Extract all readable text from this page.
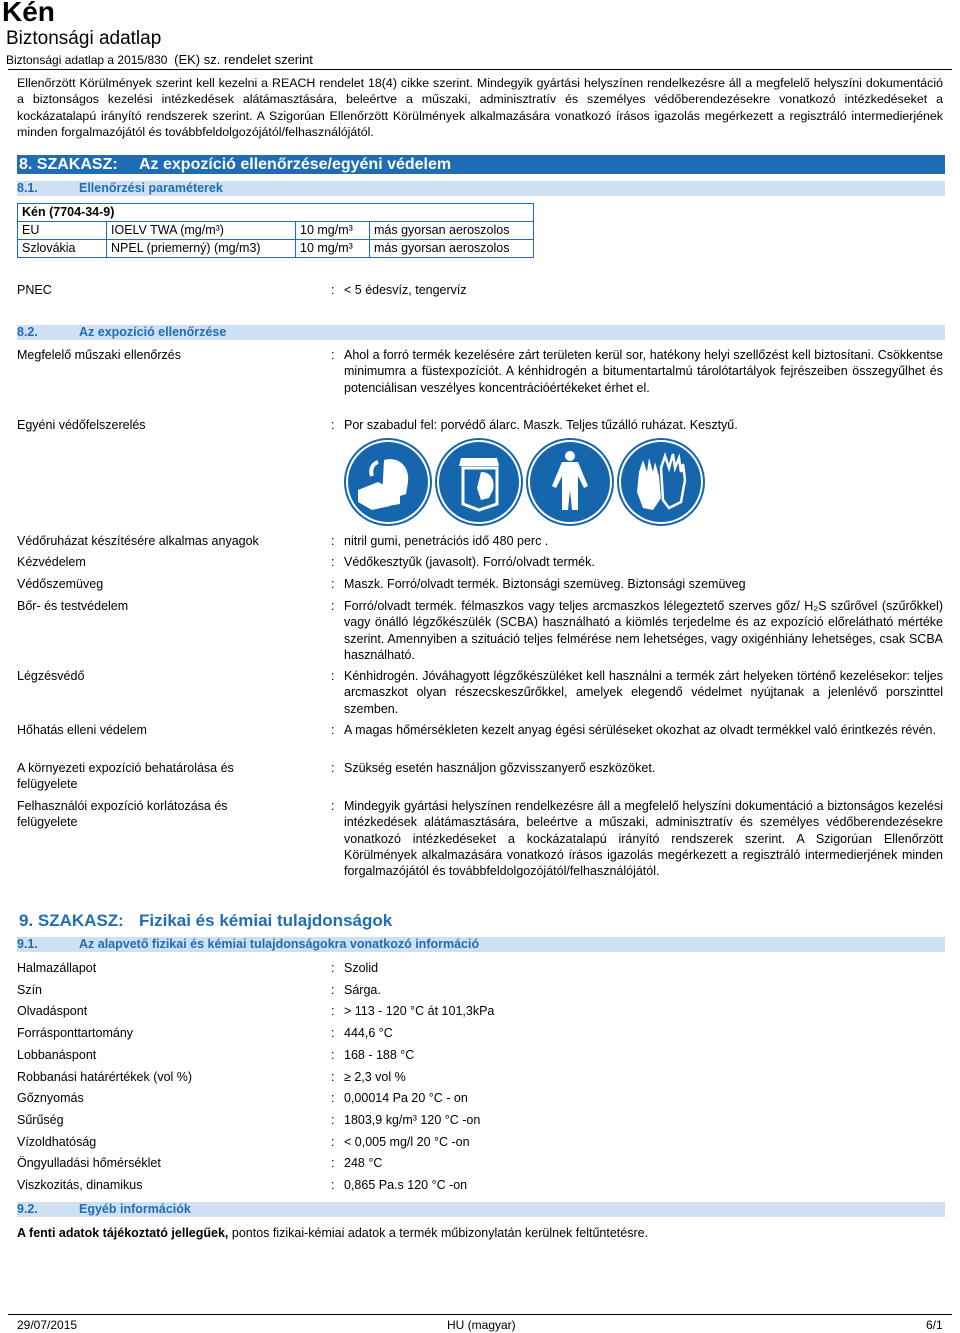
Kén
Biztonsági adatlap
Biztonsági adatlap a 2015/830 (EK) sz. rendelet szerint
Ellenőrzött Körülmények szerint kell kezelni a REACH rendelet 18(4) cikke szerint. Mindegyik gyártási helyszínen rendelkezésre áll a megfelelő helyszíni dokumentáció a biztonságos kezelési intézkedések alátámasztására, beleértve a műszaki, adminisztratív és személyes védőberendezésekre vonatkozó intézkedéseket a kockázatalapú irányító rendszerek szerint. A Szigorúan Ellenőrzött Körülmények alkalmazására vonatkozó írásos igazolás megérkezett a regisztráló intermedierjének minden forgalmazójától és továbbfeldolgozójától/felhasználójától.
8. SZAKASZ: Az expozíció ellenőrzése/egyéni védelem
8.1.	Ellenőrzési paraméterek
Kén (7704-34-9)			
EU	IOELV TWA (mg/m³)	10 mg/m³	más gyorsan aeroszolos
Szlovákia	NPEL (priemerný) (mg/m3)	10 mg/m³	más gyorsan aeroszolos
PNEC	: < 5 édesvíz, tengervíz
8.2.	Az expozíció ellenőrzése
Megfelelő műszaki ellenőrzés	: Ahol a forró termék kezelésére zárt területen kerül sor, hatékony helyi szellőzést kell biztosítani. Csökkentse minimumra a füstexpozíciót. A kénhidrogén a bitumentartalmú tárolótartályok fejrészeiben összegyűlhet és potenciálisan veszélyes koncentrációértékeket érhet el.
Egyéni védőfelszerelés	: Por szabadul fel: porvédő álarc. Maszk. Teljes tűzálló ruházat. Kesztyű.
Védőruházat készítésére alkalmas anyagok	: nitril gumi, penetrációs idő 480 perc .
Kézvédelem	: Védőkesztyűk (javasolt). Forró/olvadt termék.
Védőszemüveg	: Maszk. Forró/olvadt termék. Biztonsági szemüveg. Biztonsági szemüveg
Bőr- és testvédelem	: Forró/olvadt termék. félmaszkos vagy teljes arcmaszkos lélegeztető szerves gőz/ H₂S szűrővel (szűrőkkel) vagy önálló légzőkészülék (SCBA) használható a kiömlés terjedelme és az expozíció előrelátható mértéke szerint. Amennyiben a szituáció teljes felmérése nem lehetséges, vagy oxigénhiány lehetséges, csak SCBA használható.
Légzésvédő	: Kénhidrogén. Jóváhagyott légzőkészüléket kell használni a termék zárt helyeken történő kezelésekor: teljes arcmaszkot olyan részecskeszűrőkkel, amelyek elegendő védelmet nyújtanak a jelenlévő porszinttel szemben.
Hőhatás elleni védelem	: A magas hőmérsékleten kezelt anyag égési sérüléseket okozhat az olvadt termékkel való érintkezés révén.
A környezeti expozíció behatárolása és felügyelete
: Szükség esetén használjon gőzvisszanyerő eszközöket.
Felhasználói expozíció korlátozása és felügyelete
: Mindegyik gyártási helyszínen rendelkezésre áll a megfelelő helyszíni dokumentáció a biztonságos kezelési intézkedések alátámasztására, beleértve a műszaki, adminisztratív és személyes védőberendezésekre vonatkozó intézkedéseket a kockázatalapú irányító rendszerek szerint. A Szigorúan Ellenőrzött Körülmények alkalmazására vonatkozó írásos igazolás megérkezett a regisztráló intermedierjének minden forgalmazójától és továbbfeldolgozójától/felhasználójától.
9. SZAKASZ: Fizikai és kémiai tulajdonságok
9.1.	Az alapvető fizikai és kémiai tulajdonságokra vonatkozó információ
Halmazállapot	: Szolid
Szín	: Sárga.
Olvadáspont	: > 113 - 120 °C át 101,3kPa
Forrásponttartomány	: 444,6 °C
Lobbanáspont	: 168 - 188 °C
Robbanási határértékek (vol %)	: ≥ 2,3 vol %
Gőznyomás	: 0,00014 Pa 20 °C - on
Sűrűség	: 1803,9 kg/m³ 120 °C -on
Vízoldhatóság	: < 0,005 mg/l 20 °C -on
Öngyulladási hőmérséklet	: 248 °C
Viszkozitás, dinamikus	: 0,865 Pa.s 120 °C -on
9.2.	Egyéb információk
A fenti adatok tájékoztató jellegűek, pontos fizikai-kémiai adatok a termék műbizonylatán kerülnek feltűntetésre.
29/07/2015	HU (magyar)	6/1
